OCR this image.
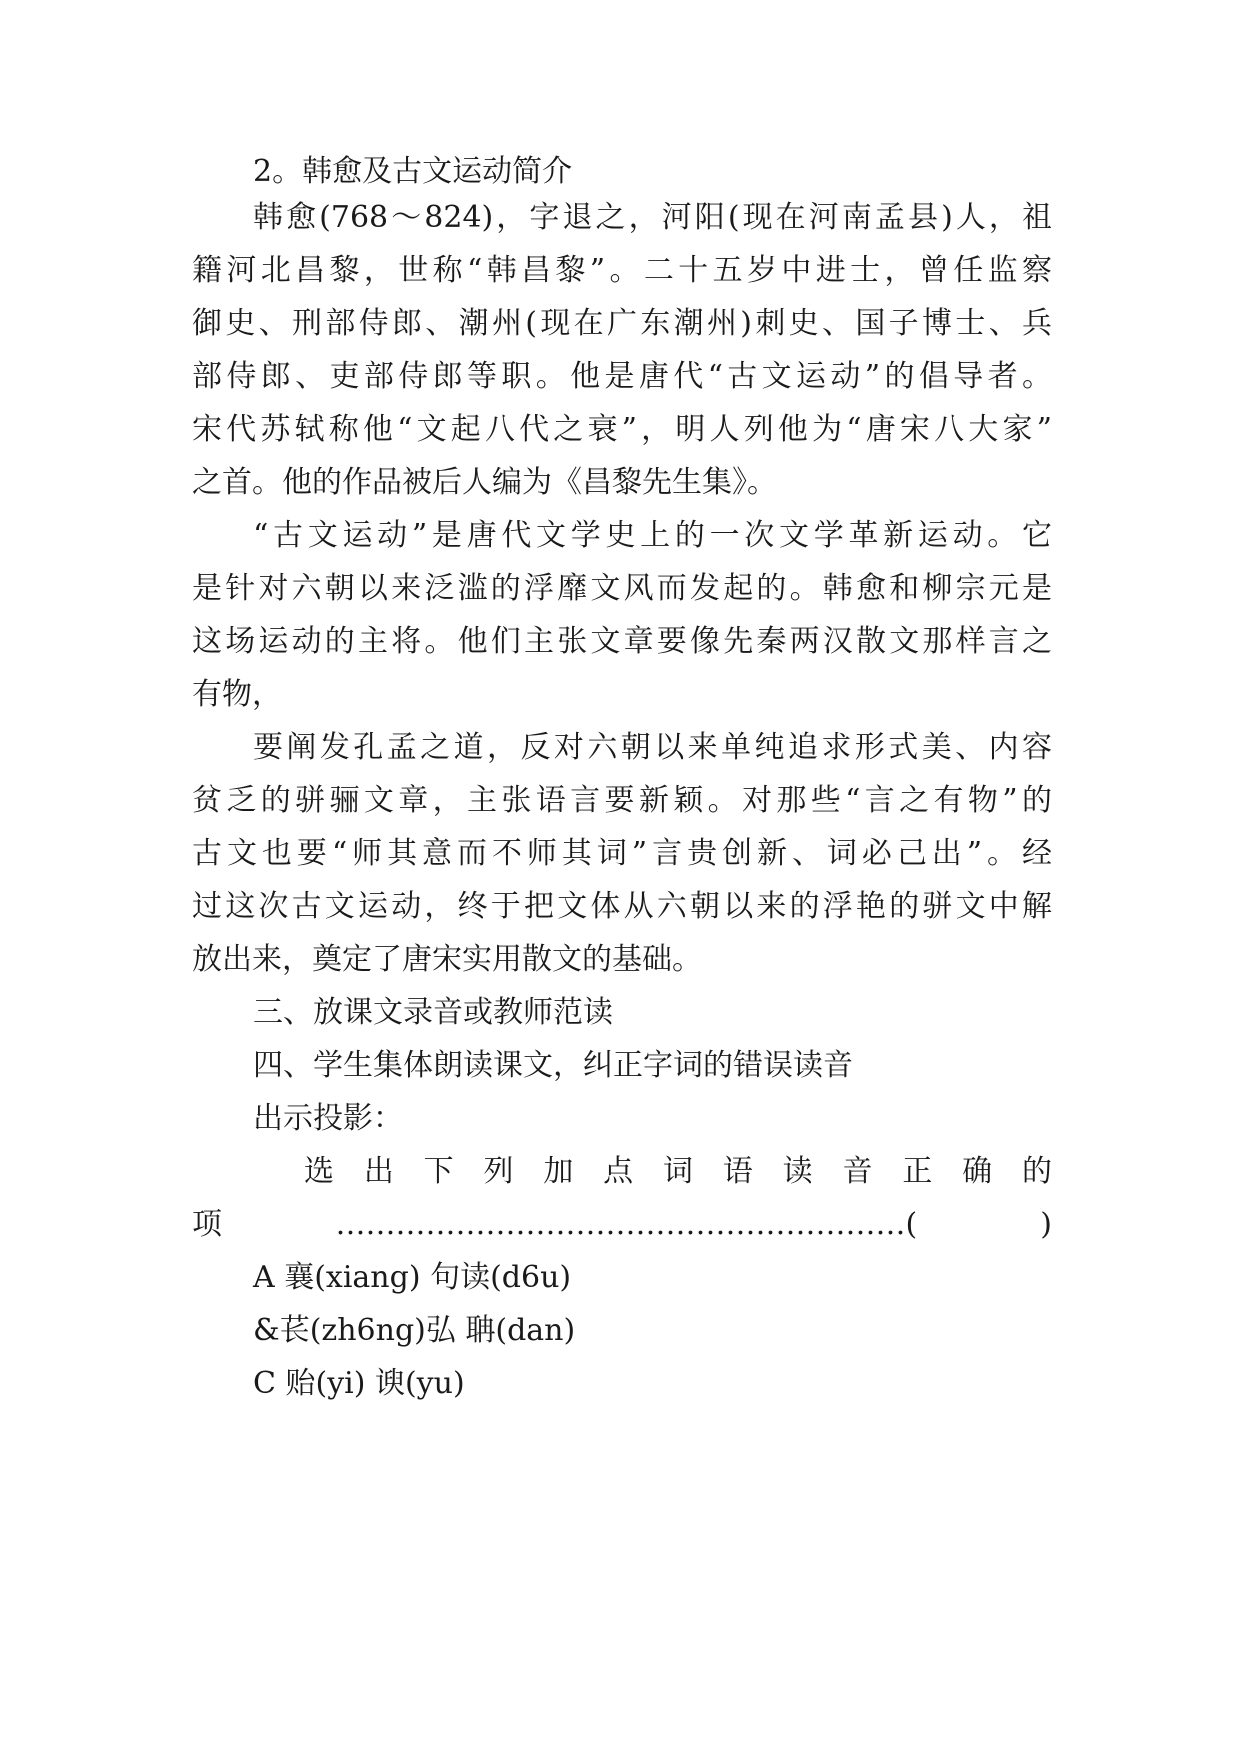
2。韩愈及古文运动简介
韩愈(768～824)，字退之，河阳(现在河南孟县)人，祖
籍河北昌黎，世称“韩昌黎”。二十五岁中进士，曾任监察
御史、刑部侍郎、潮州(现在广东潮州)刺史、国子博士、兵
部侍郎、吏部侍郎等职。他是唐代“古文运动”的倡导者。
宋代苏轼称他“文起八代之衰”，明人列他为“唐宋八大家”
之首。他的作品被后人编为《昌黎先生集》。
“古文运动”是唐代文学史上的一次文学革新运动。它
是针对六朝以来泛滥的浮靡文风而发起的。韩愈和柳宗元是
这场运动的主将。他们主张文章要像先秦两汉散文那样言之
有物，
要阐发孔孟之道，反对六朝以来单纯追求形式美、内容
贫乏的骈骊文章，主张语言要新颖。对那些“言之有物”的
古文也要“师其意而不师其词”言贵创新、词必己出”。经
过这次古文运动，终于把文体从六朝以来的浮艳的骈文中解
放出来，奠定了唐宋实用散文的基础。
三、放课文录音或教师范读
四、学生集体朗读课文，纠正字词的错误读音
出示投影：
选 出 下 列 加 点 词 语 读 音 正 确 的
项…………………………………………………( )
A 襄(xiang) 句读(d6u)
&苌(zh6ng)弘 聃(dan)
C 贻(yi) 谀(yu)
